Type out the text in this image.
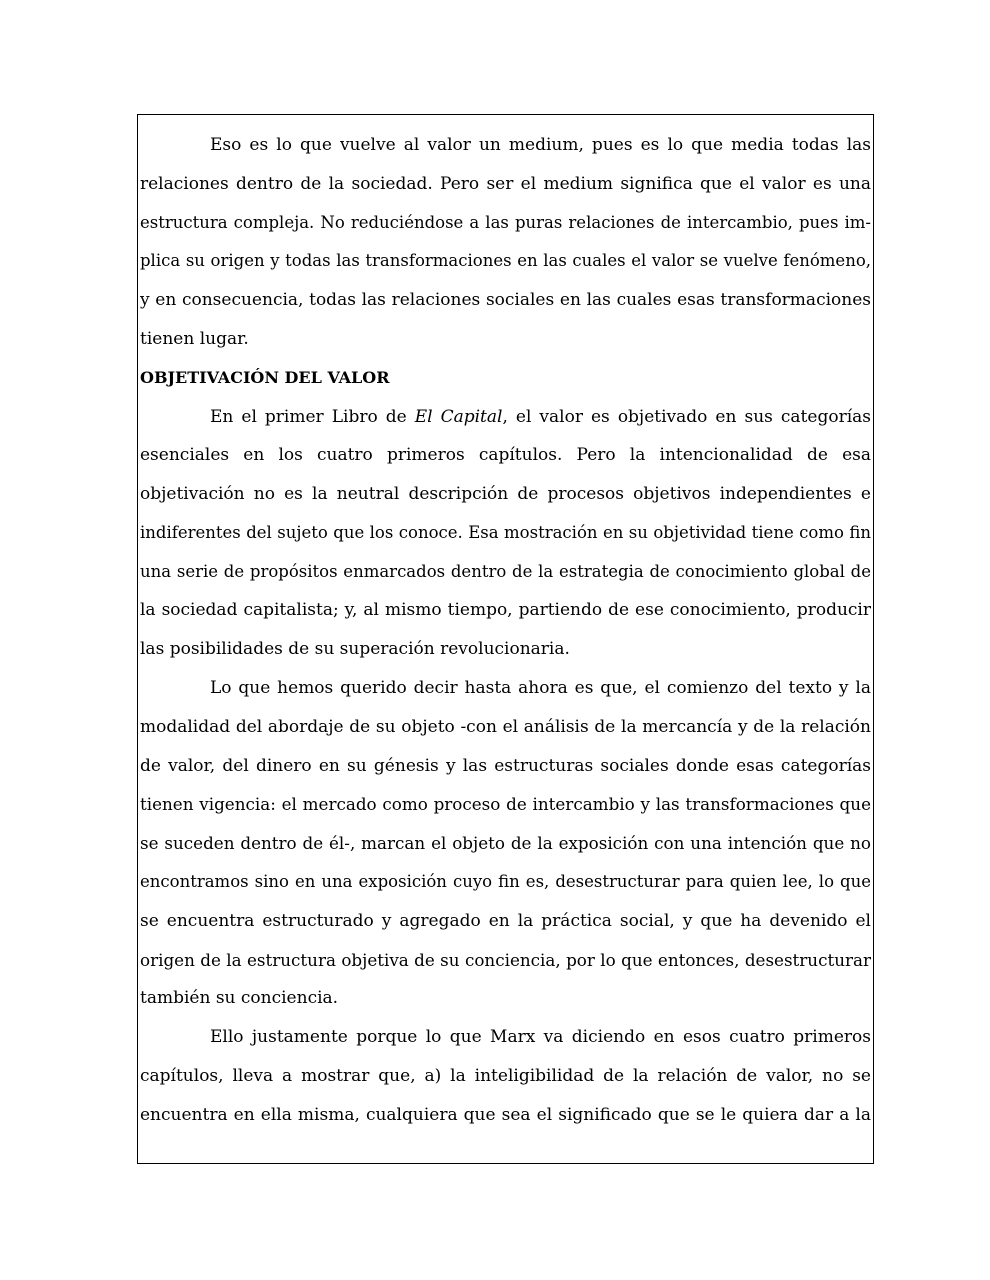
Eso es lo que vuelve al valor un medium, pues es lo que media todas las
relaciones dentro de la sociedad. Pero ser el medium significa que el valor es una
estructura compleja. No reduciéndose a las puras relaciones de intercambio, pues im-
plica su origen y todas las transformaciones en las cuales el valor se vuelve fenómeno,
y en consecuencia, todas las relaciones sociales en las cuales esas transformaciones
tienen lugar.
OBJETIVACIÓN DEL VALOR
En el primer Libro de El Capital, el valor es objetivado en sus categorías
esenciales en los cuatro primeros capítulos. Pero la intencionalidad de esa
objetivación no es la neutral descripción de procesos objetivos independientes e
indiferentes del sujeto que los conoce. Esa mostración en su objetividad tiene como fin
una serie de propósitos enmarcados dentro de la estrategia de conocimiento global de
la sociedad capitalista; y, al mismo tiempo, partiendo de ese conocimiento, producir
las posibilidades de su superación revolucionaria.
Lo que hemos querido decir hasta ahora es que, el comienzo del texto y la
modalidad del abordaje de su objeto -con el análisis de la mercancía y de la relación
de valor, del dinero en su génesis y las estructuras sociales donde esas categorías
tienen vigencia: el mercado como proceso de intercambio y las transformaciones que
se suceden dentro de él-, marcan el objeto de la exposición con una intención que no
encontramos sino en una exposición cuyo fin es, desestructurar para quien lee, lo que
se encuentra estructurado y agregado en la práctica social, y que ha devenido el
origen de la estructura objetiva de su conciencia, por lo que entonces, desestructurar
también su conciencia.
Ello justamente porque lo que Marx va diciendo en esos cuatro primeros
capítulos, lleva a mostrar que, a) la inteligibilidad de la relación de valor, no se
encuentra en ella misma, cualquiera que sea el significado que se le quiera dar a la
